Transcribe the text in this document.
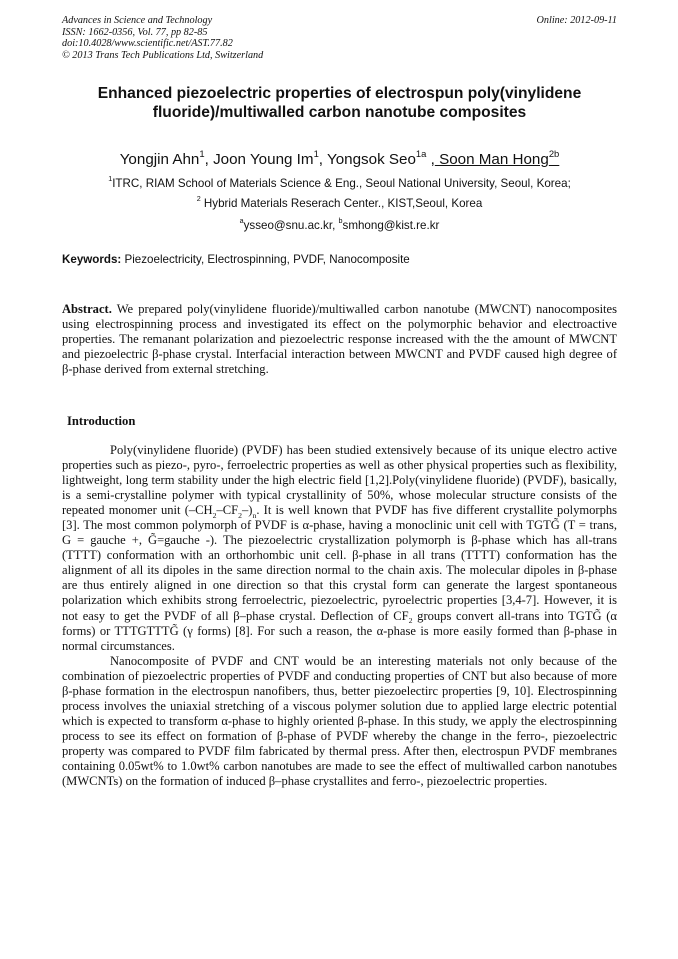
Advances in Science and Technology
ISSN: 1662-0356, Vol. 77, pp 82-85
doi:10.4028/www.scientific.net/AST.77.82
© 2013 Trans Tech Publications Ltd, Switzerland
Online: 2012-09-11
Enhanced piezoelectric properties of electrospun poly(vinylidene
fluoride)/multiwalled carbon nanotube composites
Yongjin Ahn$^1$, Joon Young Im$^1$, Yongsok Seo$^{1a}$ , Soon Man Hong$^{2b}$
$^1$ITRC, RIAM School of Materials Science & Eng., Seoul National University, Seoul, Korea;
$^2$ Hybrid Materials Reserach Center., KIST,Seoul, Korea
$^a$ysseo@snu.ac.kr, $^b$smhong@kist.re.kr
Keywords: Piezoelectricity, Electrospinning, PVDF, Nanocomposite
Abstract. We prepared poly(vinylidene fluoride)/multiwalled carbon nanotube (MWCNT) nanocomposites using electrospinning process and investigated its effect on the polymorphic behavior and electroactive properties. The remanant polarization and piezoelectric response increased with the the amount of MWCNT and piezoelectric β-phase crystal. Interfacial interaction between MWCNT and PVDF caused high degree of β-phase derived from external stretching.
Introduction

Poly(vinylidene fluoride) (PVDF) has been studied extensively because of its unique electro active properties such as piezo-, pyro-, ferroelectric properties as well as other physical properties such as flexibility, lightweight, long term stability under the high electric field [1,2].Poly(vinylidene fluoride) (PVDF), basically, is a semi-crystalline polymer with typical crystallinity of 50%, whose molecular structure consists of the repeated monomer unit $(-CH_2-CF_2-)_n$. It is well known that PVDF has five different crystallite polymorphs [3]. The most common polymorph of PVDF is α-phase, having a monoclinic unit cell with TGTG̃ (T = trans, G = gauche +, G̃=gauche -). The piezoelectric crystallization polymorph is β-phase which has all-trans (TTTT) conformation with an orthorhombic unit cell. β-phase in all trans (TTTT) conformation has the alignment of all its dipoles in the same direction normal to the chain axis. The molecular dipoles in β-phase are thus entirely aligned in one direction so that this crystal form can generate the largest spontaneous polarization which exhibits strong ferroelectric, piezoelectric, pyroelectric properties [3,4-7]. However, it is not easy to get the PVDF of all β–phase crystal. Deflection of $CF_2$ groups convert all-trans into TGTG̃ (α forms) or TTTGTTTG̃ (γ forms) [8]. For such a reason, the α-phase is more easily formed than β-phase in normal circumstances.

Nanocomposite of PVDF and CNT would be an interesting materials not only because of the combination of piezoelectric properties of PVDF and conducting properties of CNT but also because of more β-phase formation in the electrospun nanofibers, thus, better piezoelectirc properties [9, 10]. Electrospinning process involves the uniaxial stretching of a viscous polymer solution due to applied large electric potential which is expected to transform α-phase to highly oriented β-phase. In this study, we apply the electrospinning process to see its effect on formation of β-phase of PVDF whereby the change in the ferro-, piezoelectric property was compared to PVDF film fabricated by thermal press. After then, electrospun PVDF membranes containing 0.05wt% to 1.0wt% carbon nanotubes are made to see the effect of multiwalled carbon nanotubes (MWCNTs) on the formation of induced β–phase crystallites and ferro-, piezoelectric properties.
